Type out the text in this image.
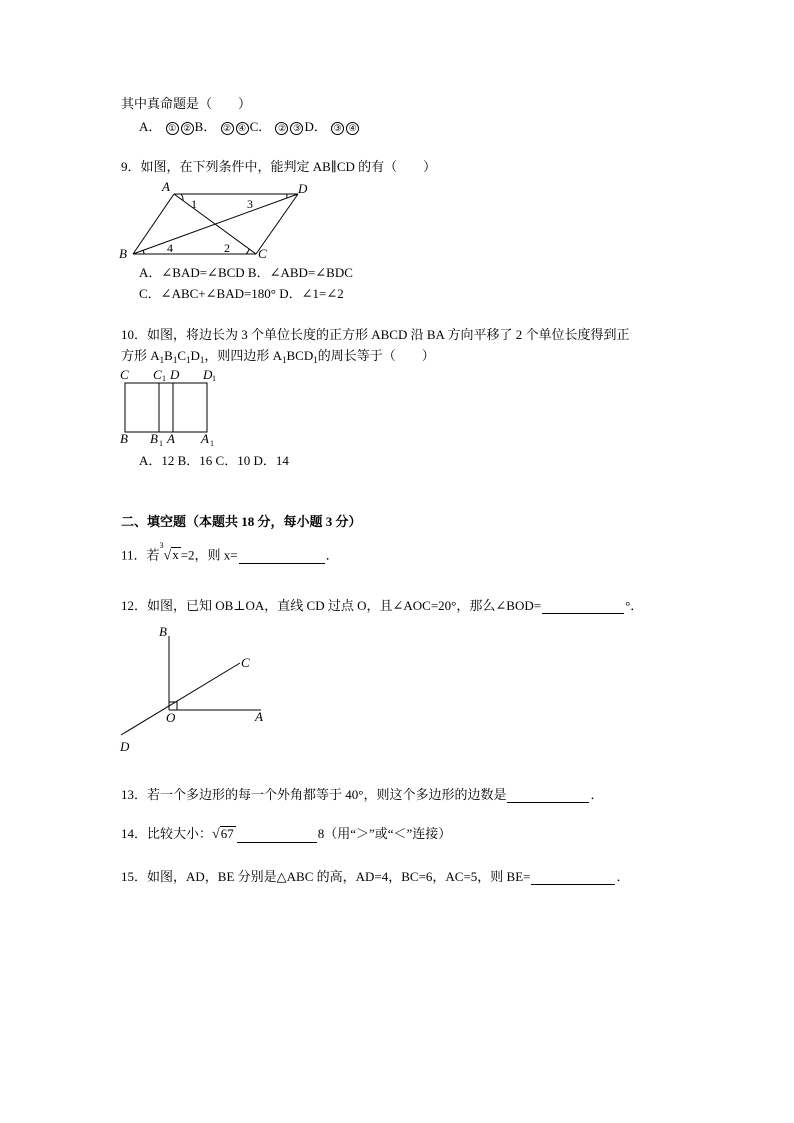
其中真命题是（　　）
A． ① ② B． ② ④ C． ② ③ D． ③ ④
9．如图，在下列条件中，能判定 AB∥CD 的有（　　）
A	D
B	C
1	3
4	2
A．∠BAD=∠BCD B．∠ABD=∠BDC
C．∠ABC+∠BAD=180° D．∠1=∠2
10．如图，将边长为 3 个单位长度的正方形 ABCD 沿 BA 方向平移了 2 个单位长度得到正
方形 $A_1B_1C_1D_1$，则四边形 $A_1BCD_1$的周长等于（　　）
C C 1 D D 1
B B 1 A A 1
A．12 B．16 C．10 D．14
二、填空题（本题共 18 分，每小题 3 分）
11．若$^3$√x =2，则 x=	．
12．如图，已知 OB⊥OA，直线 CD 过点 O，且∠AOC=20°，那么∠BOD=	°．
B
C
O	A
D
13．若一个多边形的每一个外角都等于 40°，则这个多边形的边数是	．
14．比较大小：√67	8（用“＞”或“＜”连接）
15．如图，AD，BE 分别是△ABC 的高，AD=4，BC=6，AC=5，则 BE=	．
